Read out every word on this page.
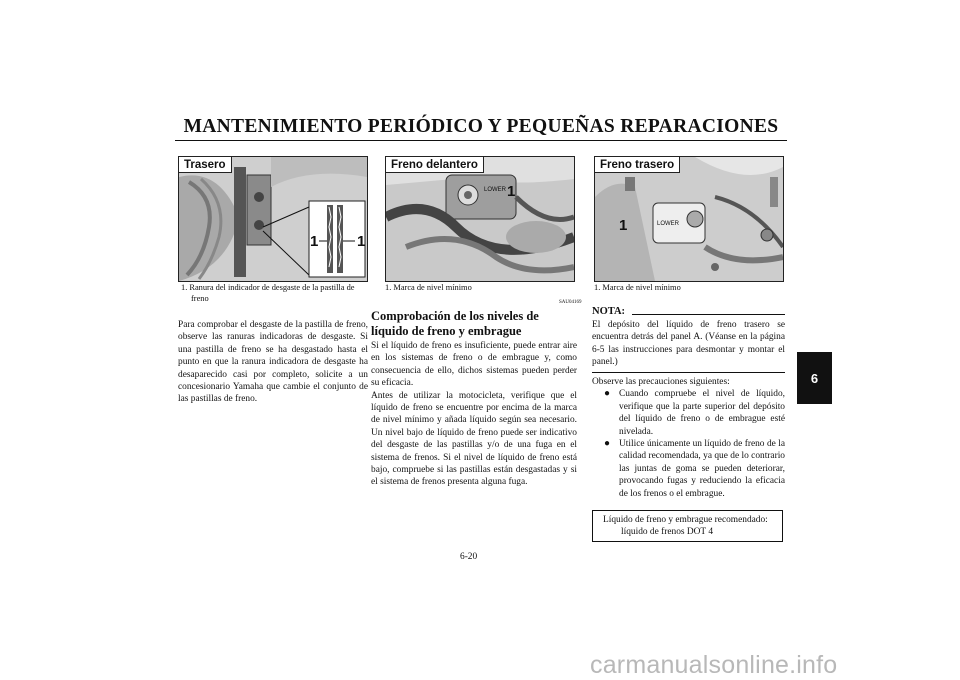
MANTENIMIENTO PERIÓDICO Y PEQUEÑAS REPARACIONES
6
Trasero
1	1
1. Ranura del indicador de desgaste de la pastilla de
freno
Freno delantero
LOWER 1
1. Marca de nivel mínimo
Freno trasero
LOWER
1
1. Marca de nivel mínimo

Para comprobar el desgaste de la pastilla de freno, observe las ranuras indicadoras de desgaste. Si una pastilla de freno se ha desgastado hasta el punto en que la ranura indicadora de desgaste ha desaparecido casi por completo, solicite a un concesionario Yamaha que cambie el conjunto de las pastillas de freno.

SAU04169
Comprobación de los niveles de líquido de freno y embrague

Si el líquido de freno es insuficiente, puede entrar aire en los sistemas de freno o de embrague y, como consecuencia de ello, dichos sistemas pueden perder su eficacia.

Antes de utilizar la motocicleta, verifique que el líquido de freno se encuentre por encima de la marca de nivel mínimo y añada líquido según sea necesario. Un nivel bajo de líquido de freno puede ser indicativo del desgaste de las pastillas y/o de una fuga en el sistema de frenos. Si el nivel de líquido de freno está bajo, compruebe si las pastillas están desgastadas y si el sistema de frenos presenta alguna fuga.

NOTA:

El depósito del líquido de freno trasero se encuentra detrás del panel A. (Véanse en la página 6-5 las instrucciones para desmontar y montar el panel.)

Observe las precauciones siguientes:

● Cuando compruebe el nivel de líquido, verifique que la parte superior del depósito del líquido de freno o de embrague esté nivelada.
● Utilice únicamente un líquido de freno de la calidad recomendada, ya que de lo contrario las juntas de goma se pueden deteriorar, provocando fugas y reduciendo la eficacia de los frenos o el embrague.
Líquido de freno y embrague recomendado:
líquido de frenos DOT 4
6-20
carmanualsonline.info
